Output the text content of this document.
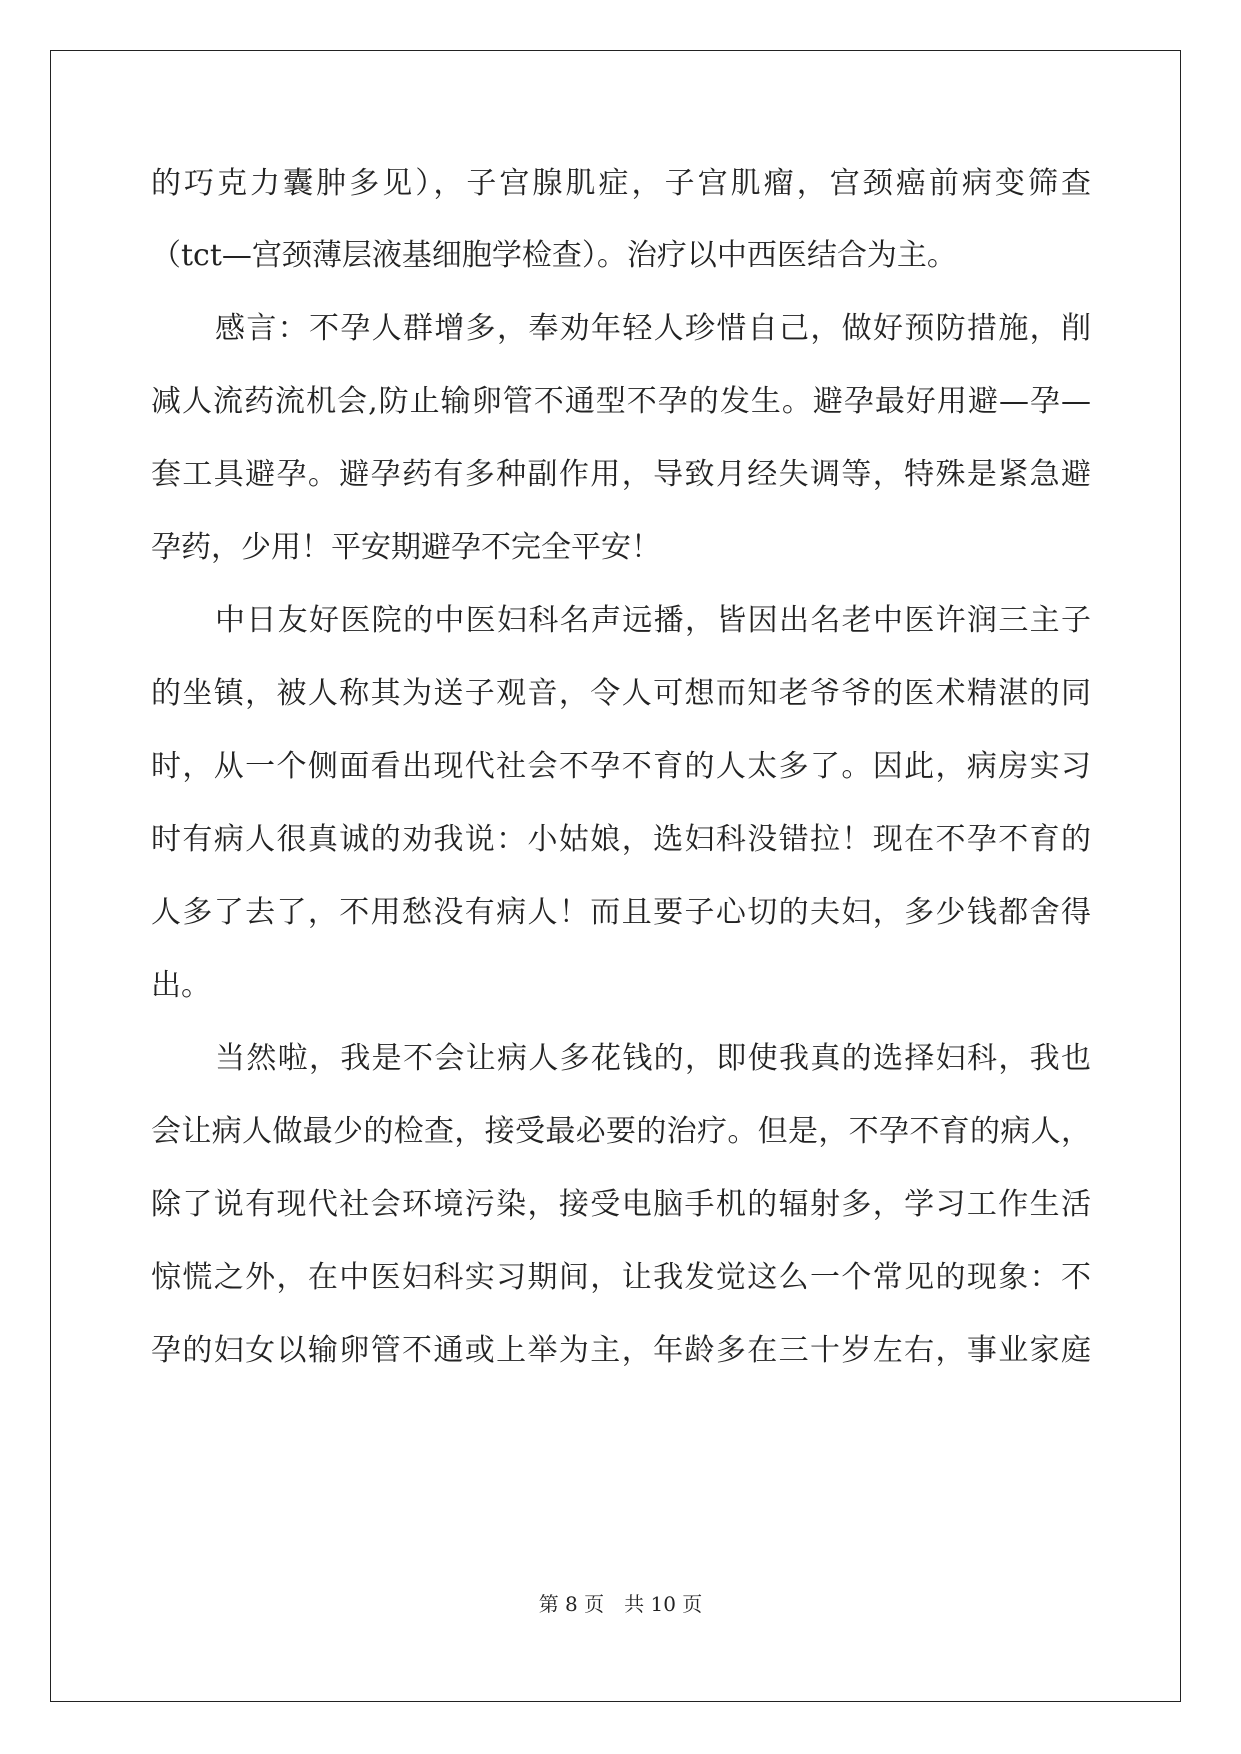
的巧克力囊肿多见），子宫腺肌症，子宫肌瘤，宫颈癌前病变筛查
（tct—宫颈薄层液基细胞学检查）。治疗以中西医结合为主。
感言：不孕人群增多，奉劝年轻人珍惜自己，做好预防措施，削
减人流药流机会,防止输卵管不通型不孕的发生。避孕最好用避—孕—
套工具避孕。避孕药有多种副作用，导致月经失调等，特殊是紧急避
孕药，少用！平安期避孕不完全平安！
中日友好医院的中医妇科名声远播，皆因出名老中医许润三主子
的坐镇，被人称其为送子观音，令人可想而知老爷爷的医术精湛的同
时，从一个侧面看出现代社会不孕不育的人太多了。因此，病房实习
时有病人很真诚的劝我说：小姑娘，选妇科没错拉！现在不孕不育的
人多了去了，不用愁没有病人！而且要子心切的夫妇，多少钱都舍得
出。
当然啦，我是不会让病人多花钱的，即使我真的选择妇科，我也
会让病人做最少的检查，接受最必要的治疗。但是，不孕不育的病人，
除了说有现代社会环境污染，接受电脑手机的辐射多，学习工作生活
惊慌之外，在中医妇科实习期间，让我发觉这么一个常见的现象：不
孕的妇女以输卵管不通或上举为主，年龄多在三十岁左右，事业家庭
第 8 页　共 10 页
